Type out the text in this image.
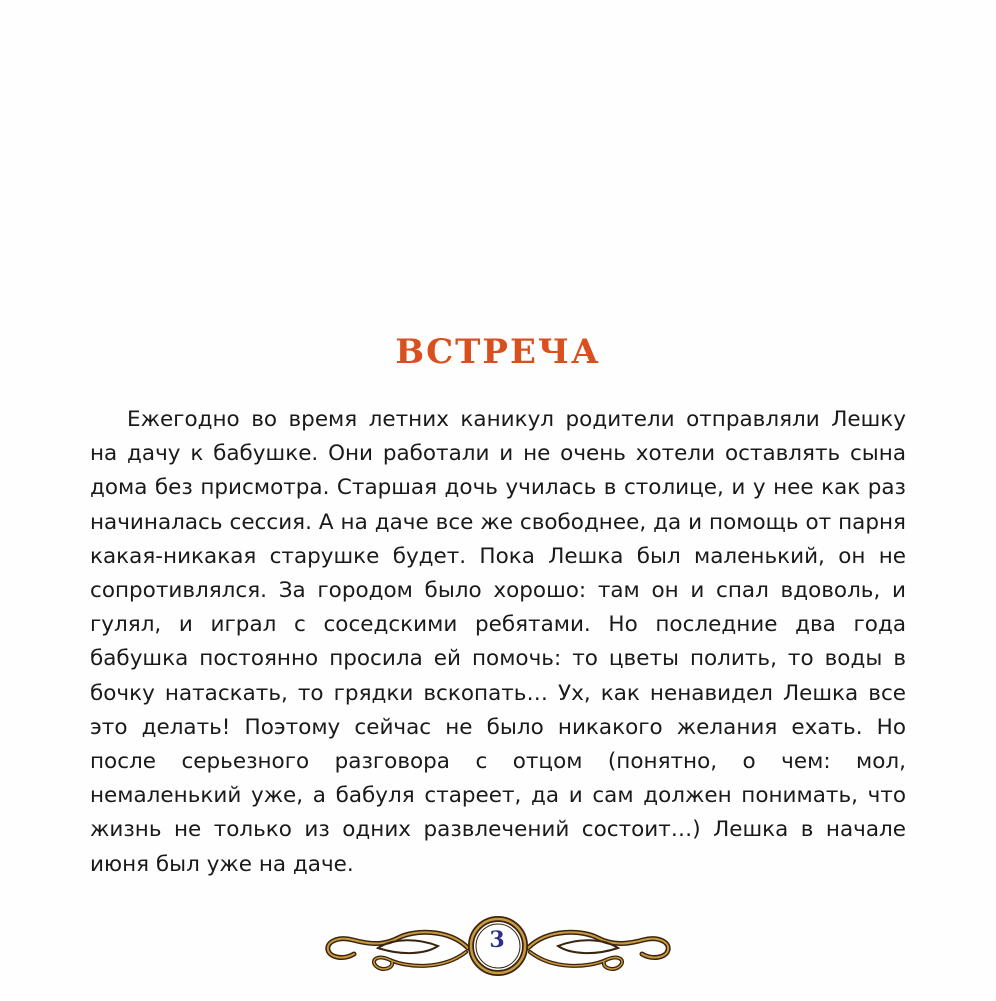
ВСТРЕЧА

Ежегодно во время летних каникул родители отправляли Лешку на дачу к бабушке. Они работали и не очень хотели оставлять сына дома без присмотра. Старшая дочь училась в столице, и у нее как раз начиналась сессия. А на даче все же свободнее, да и помощь от парня какая-никакая старушке будет. Пока Лешка был маленький, он не сопротивлялся. За городом было хорошо: там он и спал вдоволь, и гулял, и играл с соседскими ребятами. Но последние два года бабушка постоянно просила ей помочь: то цветы полить, то воды в бочку натаскать, то грядки вскопать… Ух, как ненавидел Лешка все это делать! Поэтому сейчас не было никакого желания ехать. Но после серьезного разговора с отцом (понятно, о чем: мол, немаленький уже, а бабуля стареет, да и сам должен понимать, что жизнь не только из одних развлечений состоит…) Лешка в начале июня был уже на даче.

3
